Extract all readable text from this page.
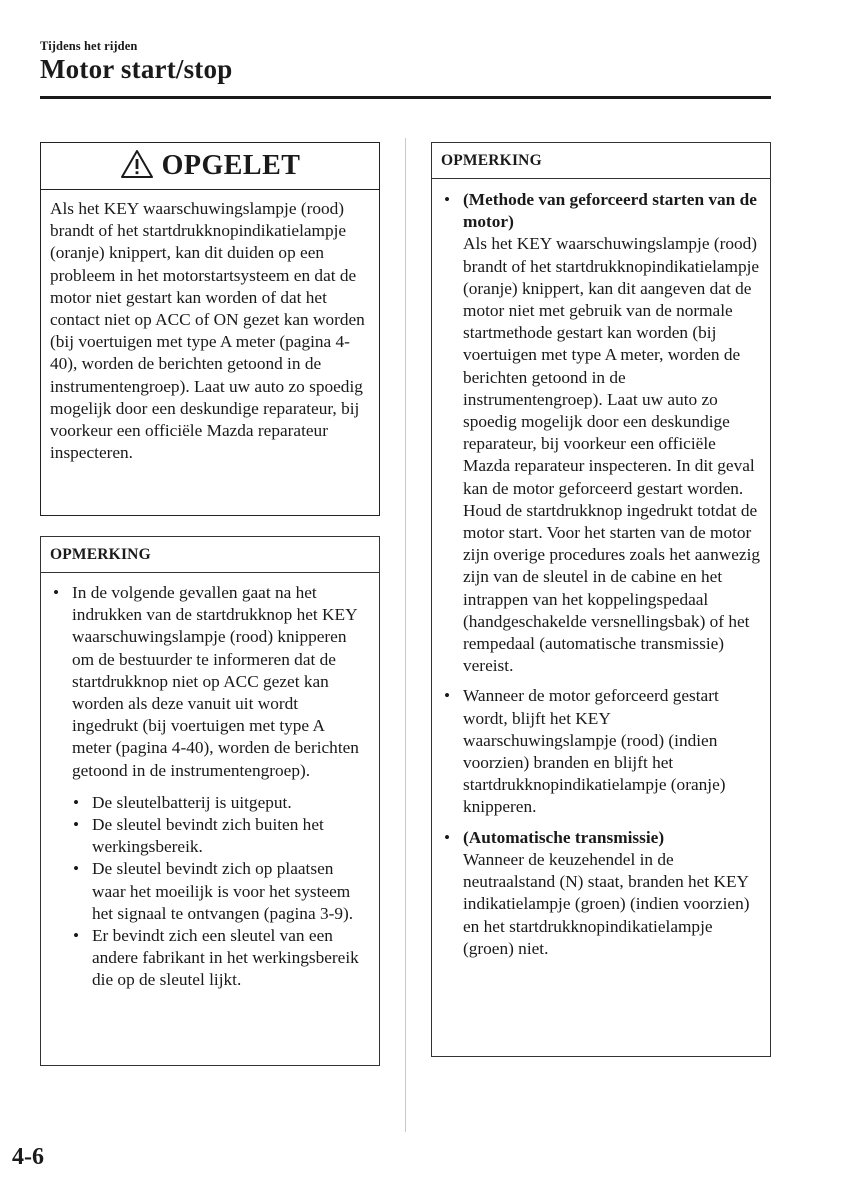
Tijdens het rijden
Motor start/stop
OPGELET
Als het KEY waarschuwingslampje (rood) brandt of het startdrukknopindikatielampje (oranje) knippert, kan dit duiden op een probleem in het motorstartsysteem en dat de motor niet gestart kan worden of dat het contact niet op ACC of ON gezet kan worden (bij voertuigen met type A meter (pagina 4-40), worden de berichten getoond in de instrumentengroep). Laat uw auto zo spoedig mogelijk door een deskundige reparateur, bij voorkeur een officiële Mazda reparateur inspecteren.
OPMERKING
• In de volgende gevallen gaat na het indrukken van de startdrukknop het KEY waarschuwingslampje (rood) knipperen om de bestuurder te informeren dat de startdrukknop niet op ACC gezet kan worden als deze vanuit uit wordt ingedrukt (bij voertuigen met type A meter (pagina 4-40), worden de berichten getoond in de instrumentengroep).
• De sleutelbatterij is uitgeput.
• De sleutel bevindt zich buiten het werkingsbereik.
• De sleutel bevindt zich op plaatsen waar het moeilijk is voor het systeem het signaal te ontvangen (pagina 3-9).
• Er bevindt zich een sleutel van een andere fabrikant in het werkingsbereik die op de sleutel lijkt.
OPMERKING
• (Methode van geforceerd starten van de motor)
Als het KEY waarschuwingslampje (rood) brandt of het startdrukknopindikatielampje (oranje) knippert, kan dit aangeven dat de motor niet met gebruik van de normale startmethode gestart kan worden (bij voertuigen met type A meter, worden de berichten getoond in de instrumentengroep). Laat uw auto zo spoedig mogelijk door een deskundige reparateur, bij voorkeur een officiële Mazda reparateur inspecteren. In dit geval kan de motor geforceerd gestart worden. Houd de startdrukknop ingedrukt totdat de motor start. Voor het starten van de motor zijn overige procedures zoals het aanwezig zijn van de sleutel in de cabine en het intrappen van het koppelingspedaal (handgeschakelde versnellingsbak) of het rempedaal (automatische transmissie) vereist.
• Wanneer de motor geforceerd gestart wordt, blijft het KEY waarschuwingslampje (rood) (indien voorzien) branden en blijft het startdrukknopindikatielampje (oranje) knipperen.
• (Automatische transmissie)
Wanneer de keuzehendel in de neutraalstand (N) staat, branden het KEY indikatielampje (groen) (indien voorzien) en het startdrukknopindikatielampje (groen) niet.
4-6
